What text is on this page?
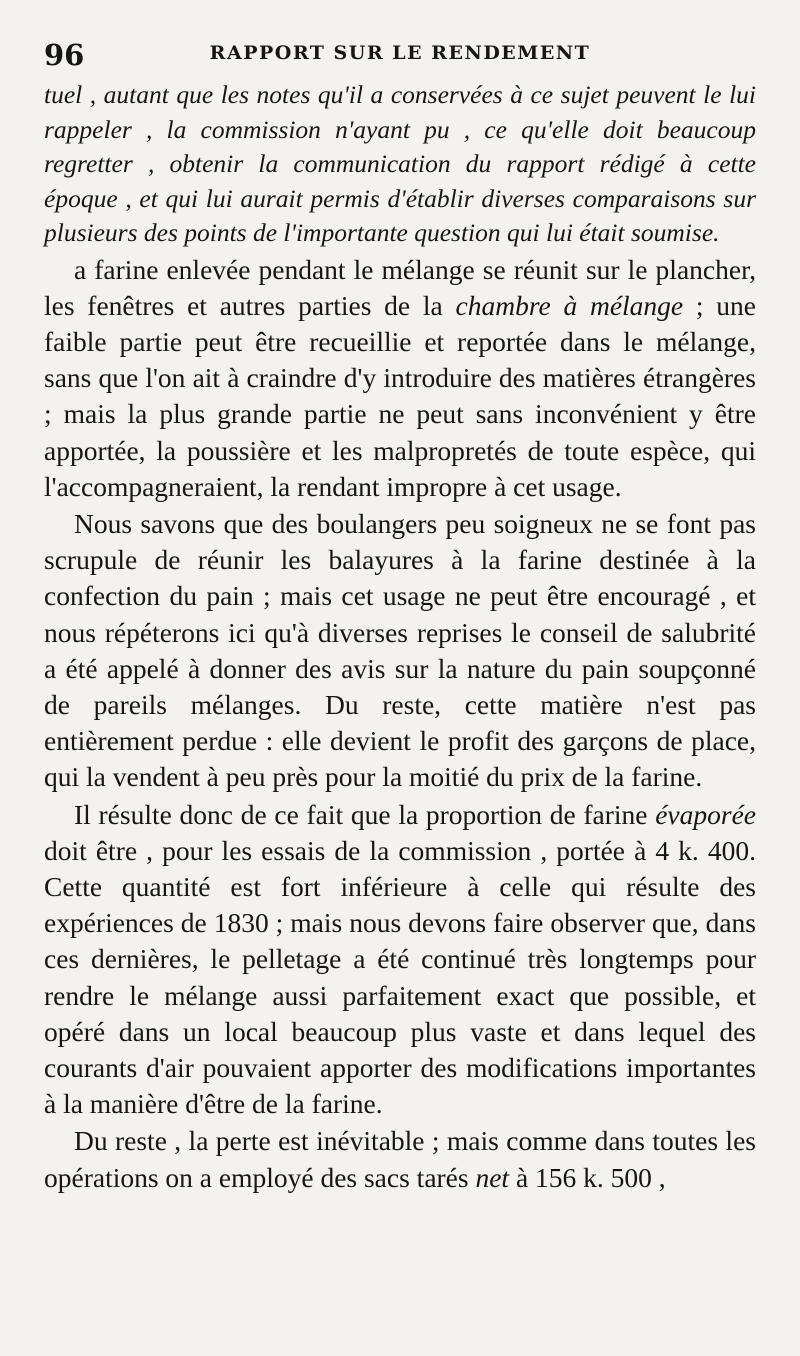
96	RAPPORT SUR LE RENDEMENT

tuel , autant que les notes qu'il a conservées à ce sujet peuvent le lui rappeler , la commission n'ayant pu , ce qu'elle doit beaucoup regretter , obtenir la communication du rapport rédigé à cette époque , et qui lui aurait permis d'établir diverses comparaisons sur plusieurs des points de l'importante question qui lui était soumise.

a farine enlevée pendant le mélange se réunit sur le plancher, les fenêtres et autres parties de la chambre à mélange ; une faible partie peut être recueillie et reportée dans le mélange, sans que l'on ait à craindre d'y introduire des matières étrangères ; mais la plus grande partie ne peut sans inconvénient y être apportée, la poussière et les malpropretés de toute espèce, qui l'accompagneraient, la rendant impropre à cet usage.

Nous savons que des boulangers peu soigneux ne se font pas scrupule de réunir les balayures à la farine destinée à la confection du pain ; mais cet usage ne peut être encouragé , et nous répéterons ici qu'à diverses reprises le conseil de salubrité a été appelé à donner des avis sur la nature du pain soupçonné de pareils mélanges. Du reste, cette matière n'est pas entièrement perdue : elle devient le profit des garçons de place, qui la vendent à peu près pour la moitié du prix de la farine.

Il résulte donc de ce fait que la proportion de farine évaporée doit être , pour les essais de la commission , portée à 4 k. 400. Cette quantité est fort inférieure à celle qui résulte des expériences de 1830 ; mais nous devons faire observer que, dans ces dernières, le pelletage a été continué très longtemps pour rendre le mélange aussi parfaitement exact que possible, et opéré dans un local beaucoup plus vaste et dans lequel des courants d'air pouvaient apporter des modifications importantes à la manière d'être de la farine.

Du reste , la perte est inévitable ; mais comme dans toutes les opérations on a employé des sacs tarés net à 156 k. 500 ,
